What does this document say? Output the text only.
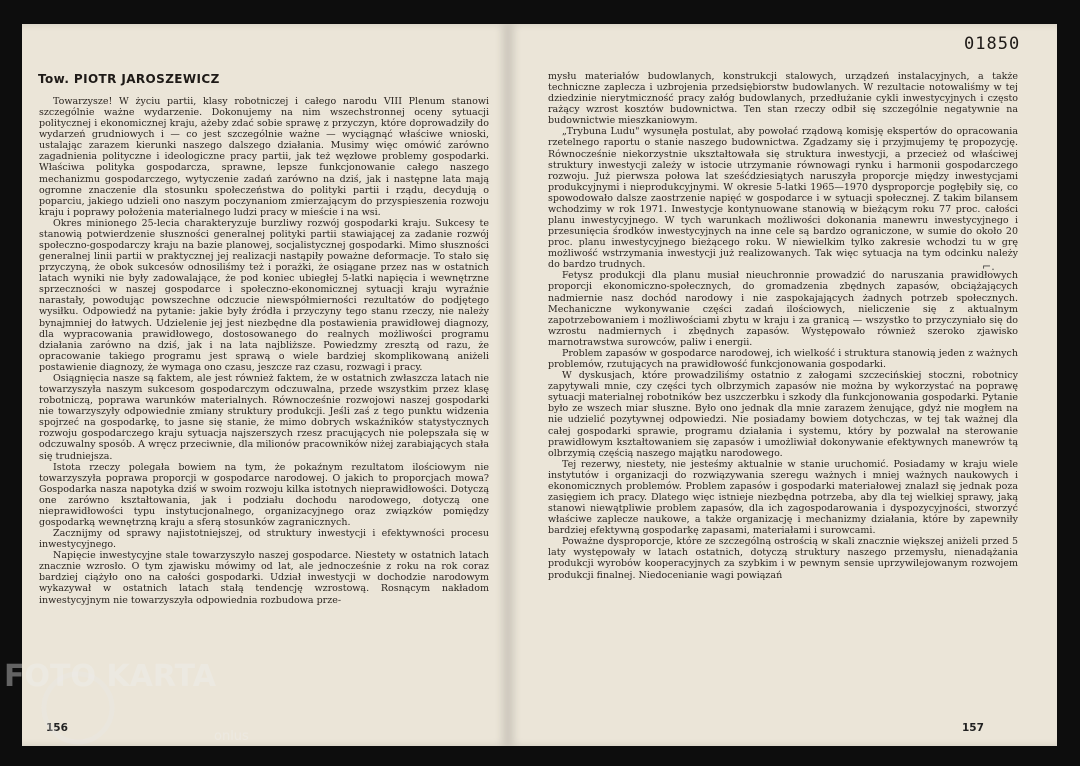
Tow. PIOTR JAROSZEWICZ

Towarzysze! W życiu partii, klasy robotniczej i całego narodu VIII Plenum stanowi szczególnie ważne wydarzenie. Dokonujemy na nim wszechstronnej oceny sytuacji politycznej i ekonomicznej kraju, ażeby zdać sobie sprawę z przyczyn, które doprowadziły do wydarzeń grudniowych i — co jest szczególnie ważne — wyciągnąć właściwe wnioski, ustalając zarazem kierunki naszego dalszego działania. Musimy więc omówić zarówno zagadnienia polityczne i ideologiczne pracy partii, jak też węzłowe problemy gospodarki. Właściwa polityka gospodarcza, sprawne, lepsze funkcjonowanie całego naszego mechanizmu gospodarczego, wytyczenie zadań zarówno na dziś, jak i następne lata mają ogromne znaczenie dla stosunku społeczeństwa do polityki partii i rządu, decydują o poparciu, jakiego udzieli ono naszym poczynaniom zmierzającym do przyspieszenia rozwoju kraju i poprawy położenia materialnego ludzi pracy w mieście i na wsi.

Okres minionego 25-lecia charakteryzuje burzliwy rozwój gospodarki kraju. Sukcesy te stanowią potwierdzenie słuszności generalnej polityki partii stawiającej za zadanie rozwój społeczno-gospodarczy kraju na bazie planowej, socjalistycznej gospodarki. Mimo słuszności generalnej linii partii w praktycznej jej realizacji nastąpiły poważne deformacje. To stało się przyczyną, że obok sukcesów odnosiliśmy też i porażki, że osiągane przez nas w ostatnich latach wyniki nie były zadowalające, że pod koniec ubiegłej 5-latki napięcia i wewnętrzne sprzeczności w naszej gospodarce i społeczno-ekonomicznej sytuacji kraju wyraźnie narastały, powodując powszechne odczucie niewspółmierności rezultatów do podjętego wysiłku. Odpowiedź na pytanie: jakie były źródła i przyczyny tego stanu rzeczy, nie należy bynajmniej do łatwych. Udzielenie jej jest niezbędne dla postawienia prawidłowej diagnozy, dla wypracowania prawidłowego, dostosowanego do realnych możliwości programu działania zarówno na dziś, jak i na lata najbliższe. Powiedzmy zresztą od razu, że opracowanie takiego programu jest sprawą o wiele bardziej skomplikowaną aniżeli postawienie diagnozy, że wymaga ono czasu, jeszcze raz czasu, rozwagi i pracy.

Osiągnięcia nasze są faktem, ale jest również faktem, że w ostatnich zwłaszcza latach nie towarzyszyła naszym sukcesom gospodarczym odczuwalna, przede wszystkim przez klasę robotniczą, poprawa warunków materialnych. Równocześnie rozwojowi naszej gospodarki nie towarzyszyły odpowiednie zmiany struktury produkcji. Jeśli zaś z tego punktu widzenia spojrzeć na gospodarkę, to jasne się stanie, że mimo dobrych wskaźników statystycznych rozwoju gospodarczego kraju sytuacja najszerszych rzesz pracujących nie polepszała się w odczuwalny sposób. A wręcz przeciwnie, dla milionów pracowników niżej zarabiających stała się trudniejsza.

Istota rzeczy polegała bowiem na tym, że pokaźnym rezultatom ilościowym nie towarzyszyła poprawa proporcji w gospodarce narodowej. O jakich to proporcjach mowa? Gospodarka nasza napotyka dziś w swoim rozwoju kilka istotnych nieprawidłowości. Dotyczą one zarówno kształtowania, jak i podziału dochodu narodowego, dotyczą one nieprawidłowości typu instytucjonalnego, organizacyjnego oraz związków pomiędzy gospodarką wewnętrzną kraju a sferą stosunków zagranicznych.

Zacznijmy od sprawy najistotniejszej, od struktury inwestycji i efektywności procesu inwestycyjnego.

Napięcie inwestycyjne stale towarzyszyło naszej gospodarce. Niestety w ostatnich latach znacznie wzrosło. O tym zjawisku mówimy od lat, ale jednocześnie z roku na rok coraz bardziej ciążyło ono na całości gospodarki. Udział inwestycji w dochodzie narodowym wykazywał w ostatnich latach stałą tendencję wzrostową. Rosnącym nakładom inwestycyjnym nie towarzyszyła odpowiednia rozbudowa prze-

156
01850

mysłu materiałów budowlanych, konstrukcji stalowych, urządzeń instalacyjnych, a także techniczne zaplecza i uzbrojenia przedsiębiorstw budowlanych. W rezultacie notowaliśmy w tej dziedzinie nierytmiczność pracy załóg budowlanych, przedłużanie cykli inwestycyjnych i często rażący wzrost kosztów budownictwa. Ten stan rzeczy odbił się szczególnie negatywnie na budownictwie mieszkaniowym.

„Trybuna Ludu" wysunęła postulat, aby powołać rządową komisję ekspertów do opracowania rzetelnego raportu o stanie naszego budownictwa. Zgadzamy się i przyjmujemy tę propozycję. Równocześnie niekorzystnie ukształtowała się struktura inwestycji, a przecież od właściwej struktury inwestycji zależy w istocie utrzymanie równowagi rynku i harmonii gospodarczego rozwoju. Już pierwsza połowa lat sześćdziesiątych naruszyła proporcje między inwestycjami produkcyjnymi i nieprodukcyjnymi. W okresie 5-latki 1965—1970 dysproporcje pogłębiły się, co spowodowało dalsze zaostrzenie napięć w gospodarce i w sytuacji społecznej. Z takim bilansem wchodzimy w rok 1971. Inwestycje kontynuowane stanowią w bieżącym roku 77 proc. całości planu inwestycyjnego. W tych warunkach możliwości dokonania manewru inwestycyjnego i przesunięcia środków inwestycyjnych na inne cele są bardzo ograniczone, w sumie do około 20 proc. planu inwestycyjnego bieżącego roku. W niewielkim tylko zakresie wchodzi tu w grę możliwość wstrzymania inwestycji już realizowanych. Tak więc sytuacja na tym odcinku należy do bardzo trudnych.

Fetysz produkcji dla planu musiał nieuchronnie prowadzić do naruszania prawidłowych proporcji ekonomiczno-społecznych, do gromadzenia zbędnych zapasów, obciążających nadmiernie nasz dochód narodowy i nie zaspokajających żadnych potrzeb społecznych. Mechaniczne wykonywanie części zadań ilościowych, nieliczenie się z aktualnym zapotrzebowaniem i możliwościami zbytu w kraju i za granicą — wszystko to przyczyniało się do wzrostu nadmiernych i zbędnych zapasów. Występowało również szeroko zjawisko marnotrawstwa surowców, paliw i energii.

Problem zapasów w gospodarce narodowej, ich wielkość i struktura stanowią jeden z ważnych problemów, rzutujących na prawidłowość funkcjonowania gospodarki.

W dyskusjach, które prowadziliśmy ostatnio z załogami szczecińskiej stoczni, robotnicy zapytywali mnie, czy części tych olbrzymich zapasów nie można by wykorzystać na poprawę sytuacji materialnej robotników bez uszczerbku i szkody dla funkcjonowania gospodarki. Pytanie było ze wszech miar słuszne. Było ono jednak dla mnie zarazem żenujące, gdyż nie mogłem na nie udzielić pozytywnej odpowiedzi. Nie posiadamy bowiem dotychczas, w tej tak ważnej dla całej gospodarki sprawie, programu działania i systemu, który by pozwalał na sterowanie prawidłowym kształtowaniem się zapasów i umożliwiał dokonywanie efektywnych manewrów tą olbrzymią częścią naszego majątku narodowego.

Tej rezerwy, niestety, nie jesteśmy aktualnie w stanie uruchomić. Posiadamy w kraju wiele instytutów i organizacji do rozwiązywania szeregu ważnych i mniej ważnych naukowych i ekonomicznych problemów. Problem zapasów i gospodarki materiałowej znalazł się jednak poza zasięgiem ich pracy. Dlatego więc istnieje niezbędna potrzeba, aby dla tej wielkiej sprawy, jaką stanowi niewątpliwie problem zapasów, dla ich zagospodarowania i dyspozycyjności, stworzyć właściwe zaplecze naukowe, a także organizację i mechanizmy działania, które by zapewniły bardziej efektywną gospodarkę zapasami, materiałami i surowcami.

Poważne dysproporcje, które ze szczególną ostrością w skali znacznie większej aniżeli przed 5 laty występowały w latach ostatnich, dotyczą struktury naszego przemysłu, nienadążania produkcji wyrobów kooperacyjnych za szybkim i w pewnym sensie uprzywilejowanym rozwojem produkcji finalnej. Niedocenianie wagi powiązań

⌐.
157
FOTO KARTA
onlus
